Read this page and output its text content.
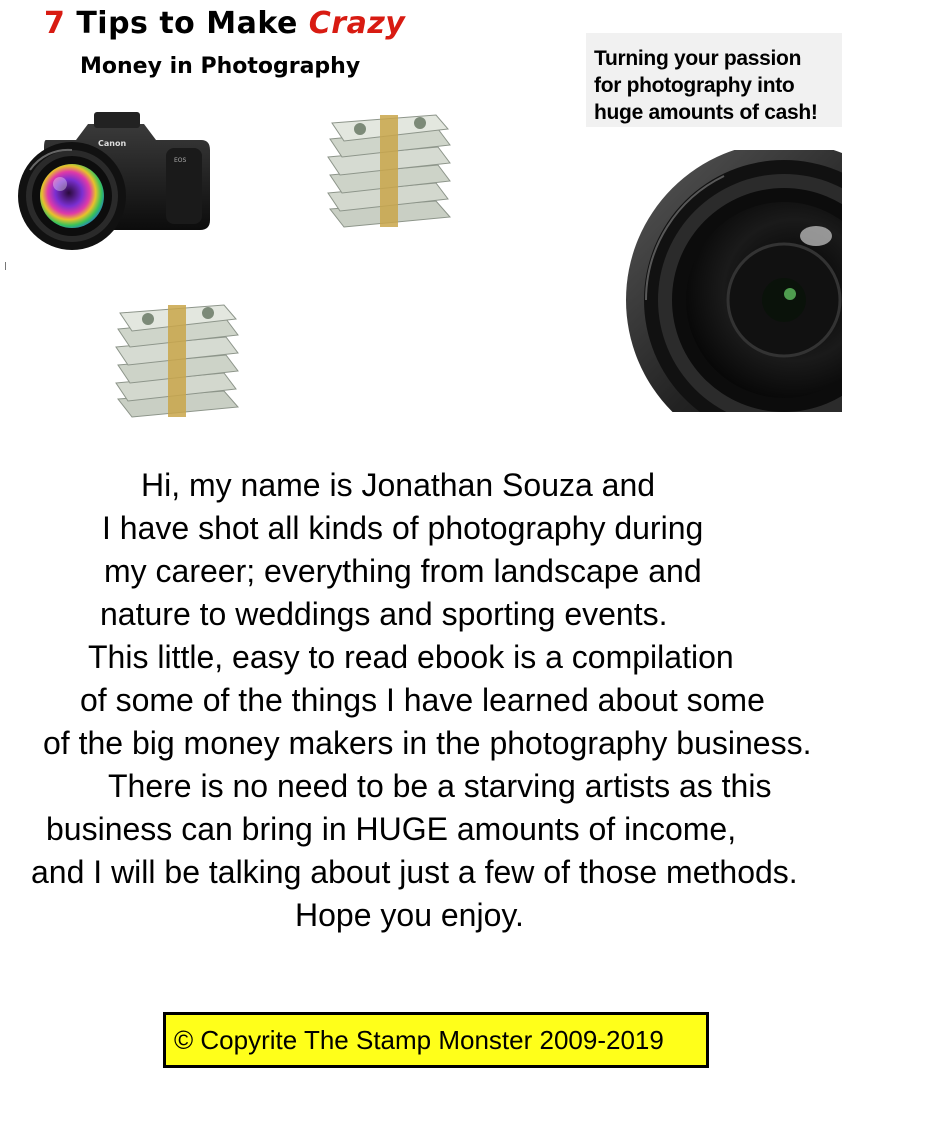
7 Tips to Make Crazy
Money in Photography	Turning your passion
for photography into
huge amounts of cash!
Canon
EOS
Hi, my name is Jonathan Souza and
I have shot all kinds of photography during
my career; everything from landscape and
nature to weddings and sporting events.
This little, easy to read ebook is a compilation
of some of the things I have learned about some
of the big money makers in the photography business.
There is no need to be a starving artists as this
business can bring in HUGE amounts of income,
and I will be talking about just a few of those methods.
Hope you enjoy.
© Copyrite The Stamp Monster 2009-2019
